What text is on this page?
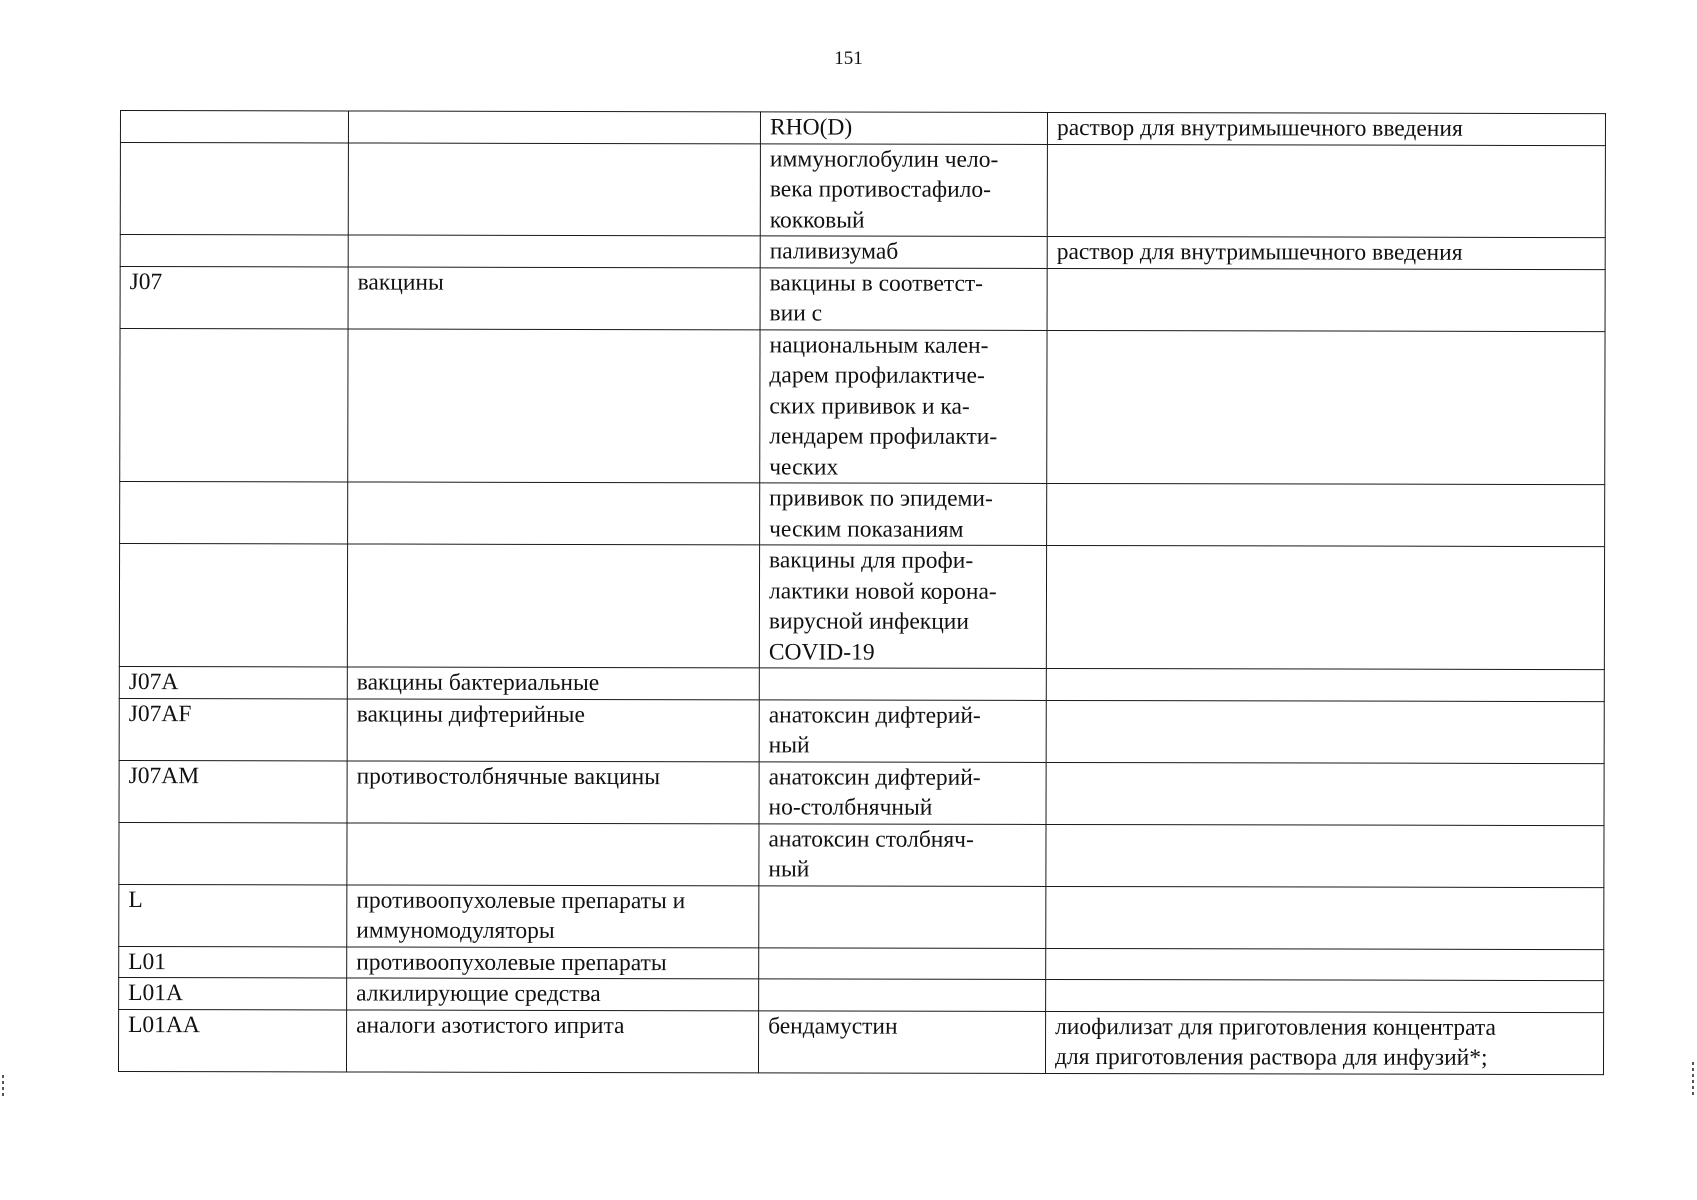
151
		RHO(D)	раствор для внутримышечного введения
		иммуноглобулин чело-
века противостафило-
кокковый	
		паливизумаб	раствор для внутримышечного введения
J07	вакцины	вакцины в соответст-
вии с	
		национальным кален-
дарем профилактиче-
ских прививок и ка-
лендарем профилакти-
ческих	
		прививок по эпидеми-
ческим показаниям	
		вакцины для профи-
лактики новой корона-
вирусной инфекции
COVID-19	
J07A	вакцины бактериальные		
J07AF	вакцины дифтерийные	анатоксин дифтерий-
ный	
J07AM	противостолбнячные вакцины	анатоксин дифтерий-
но-столбнячный	
		анатоксин столбняч-
ный	
L	противоопухолевые препараты и иммуномодуляторы		
L01	противоопухолевые препараты		
L01A	алкилирующие средства		
L01AA	аналоги азотистого иприта	бендамустин	лиофилизат для приготовления концентрата
для приготовления раствора для инфузий*;
